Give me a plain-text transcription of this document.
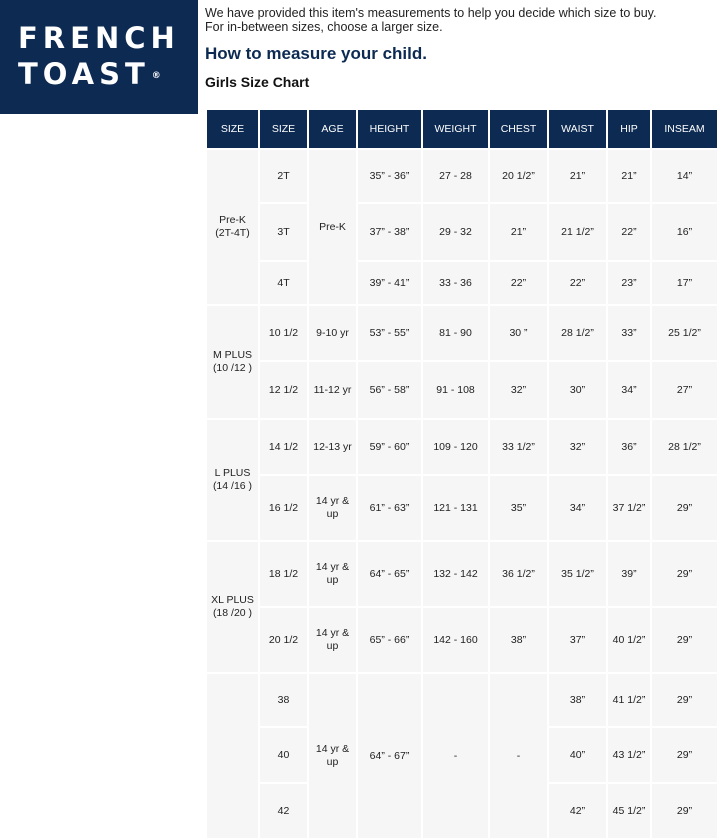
FRENCH
TOAST ®

We have provided this item's measurements to help you decide which size to buy.
For in-between sizes, choose a larger size.

How to measure your child.
Girls Size Chart
SIZE	SIZE	AGE	HEIGHT	WEIGHT	CHEST	WAIST	HIP	INSEAM
Pre-K (2T-4T)	2T	Pre-K	35” - 36”	27 - 28	20 1/2”	21”	21”	14”
	3T		37” - 38”	29 - 32	21”	21 1/2”	22”	16”
	4T		39” - 41”	33 - 36	22”	22”	23”	17”
M PLUS (10 /12 )	10 1/2	9-10 yr	53” - 55”	81 - 90	30 ”	28 1/2”	33”	25 1/2”
	12 1/2	11-12 yr	56” - 58”	91 - 108	32”	30”	34”	27”
L PLUS (14 /16 )	14 1/2	12-13 yr	59” - 60”	109 - 120	33 1/2”	32”	36”	28 1/2”
	16 1/2	14 yr & up	61” - 63”	121 - 131	35”	34”	37 1/2”	29”
XL PLUS (18 /20 )	18 1/2	14 yr & up	64” - 65”	132 - 142	36 1/2”	35 1/2”	39”	29”
	20 1/2	14 yr & up	65” - 66”	142 - 160	38”	37”	40 1/2”	29”
	38	14 yr & up	64” - 67”	-	-	38”	41 1/2”	29”
	40					40”	43 1/2”	29”
	42					42”	45 1/2”	29”
